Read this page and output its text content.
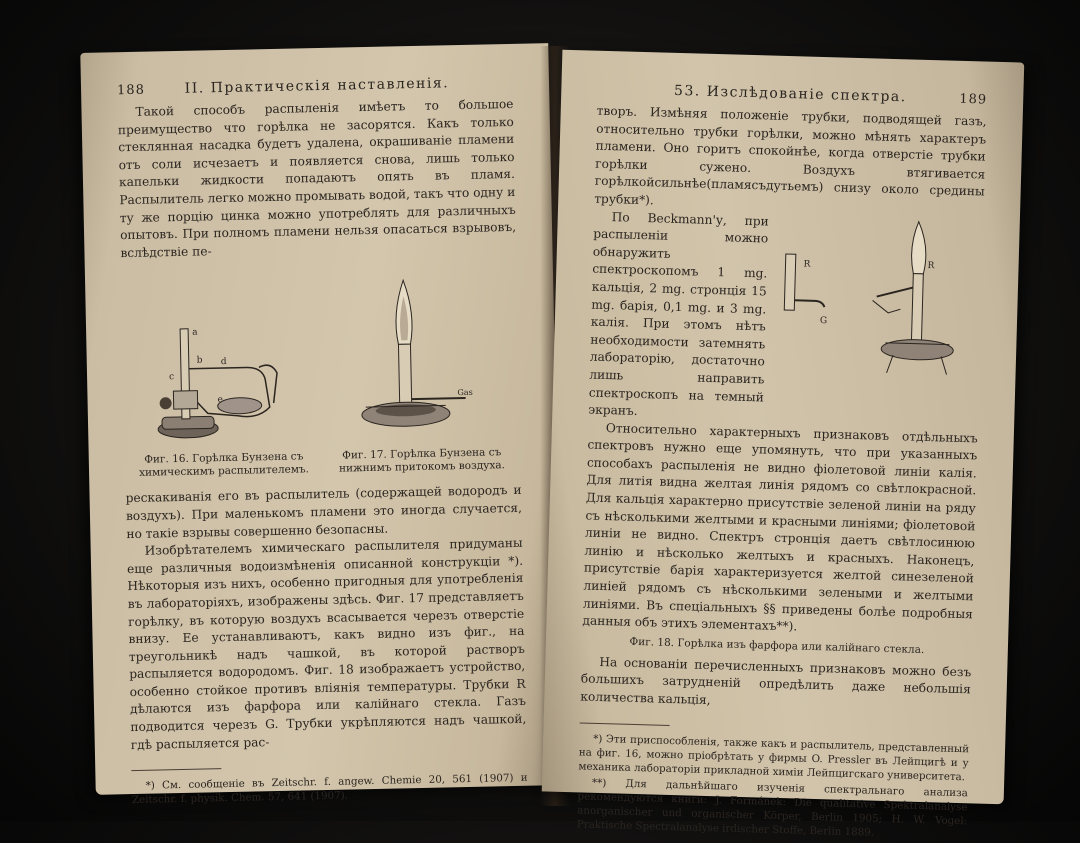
188	II. Практическія наставленія.

Такой способъ распыленія имѣетъ то большое преимущество что горѣлка не засорятся. Какъ только стеклянная насадка будетъ удалена, окрашиваніе пламени отъ соли исчезаетъ и появляется снова, лишь только капельки жидкости попадаютъ опять въ пламя. Распылитель легко можно промывать водой, такъ что одну и ту же порцію цинка можно употреблять для различныхъ опытовъ. При полномъ пламени нельзя опасаться взрывовъ, вслѣдствіе пе-

a
b d
c
e
Фиг. 16. Горѣлка Бунзена съ химическимъ распылителемъ.
Gas
Фиг. 17. Горѣлка Бунзена съ нижнимъ притокомъ воздуха.

рескакиванія его въ распылитель (содержащей водородъ и воздухъ). При маленькомъ пламени это иногда случается, но такіе взрывы совершенно безопасны.

Изобрѣтателемъ химическаго распылителя придуманы еще различныя водоизмѣненія описанной конструкціи *). Нѣкоторыя изъ нихъ, особенно пригодныя для употребленія въ лабораторіяхъ, изображены здѣсь. Фиг. 17 представляетъ горѣлку, въ которую воздухъ всасывается черезъ отверстіе внизу. Ее устанавливаютъ, какъ видно изъ фиг., на треугольникѣ надъ чашкой, въ которой растворъ распыляется водородомъ. Фиг. 18 изображаетъ устройство, особенно стойкое противъ вліянія температуры. Трубки R дѣлаются изъ фарфора или калійнаго стекла. Газъ подводится черезъ G. Трубки укрѣпляются надъ чашкой, гдѣ распыляется рас-

*) См. сообщеніе въ Zeitschr. f. angew. Chemie 20, 561 (1907) и Zeitschr. f. physik. Chem. 57, 641 (1907).

53. Изслѣдованіе спектра.	189

творъ. Измѣняя положеніе трубки, подводящей газъ, относительно трубки горѣлки, можно мѣнять характеръ пламени. Оно горитъ спокойнѣе, когда отверстіе трубки горѣлки сужено. Воздухъ втягивается горѣлкойсильнѣе(пламясъдутьемъ) снизу около средины трубки*).

По Beckmann'у, при распыленіи можно обнаружить спектроскопомъ 1 mg. кальція, 2 mg. стронція 15 mg. барія, 0,1 mg. и 3 mg. калія. При этомъ нѣтъ необходимости затемнять лабораторію, достаточно лишь направить спектроскопъ на темный экранъ.

R
G
R

Относительно характерныхъ признаковъ отдѣльныхъ спектровъ нужно еще упомянуть, что при указанныхъ способахъ распыленія не видно фіолетовой линіи калія. Для литія видна желтая линія рядомъ со свѣтлокрасной. Для кальція характерно присутствіе зеленой линіи на ряду съ нѣсколькими желтыми и красными линіями; фіолетовой линіи не видно. Спектръ стронція даетъ свѣтлосинюю линію и нѣсколько желтыхъ и красныхъ. Наконецъ, присутствіе барія характеризуется желтой синезеленой линіей рядомъ съ нѣсколькими зелеными и желтыми линіями. Въ спеціальныхъ §§ приведены болѣе подробныя данныя объ этихъ элементахъ**).

Фиг. 18. Горѣлка изъ фарфора или калійнаго стекла.

На основаніи перечисленныхъ признаковъ можно безъ большихъ затрудненій опредѣлить даже небольшія количества кальція,

*) Эти приспособленія, также какъ и распылитель, представленный на фиг. 16, можно пріобрѣтать у фирмы O. Pressler въ Лейпцигѣ и у механика лабораторіи прикладной химіи Лейпцигскаго университета.

**) Для дальнѣйшаго изученія спектральнаго анализа рекомендуются книги: J. Formánek: Die qualitative Spektralanalyse anorganischer und organischer Körper, Berlin 1905; H. W. Vogel: Praktische Spectralanalyse irdischer Stoffe, Berlin 1889.
